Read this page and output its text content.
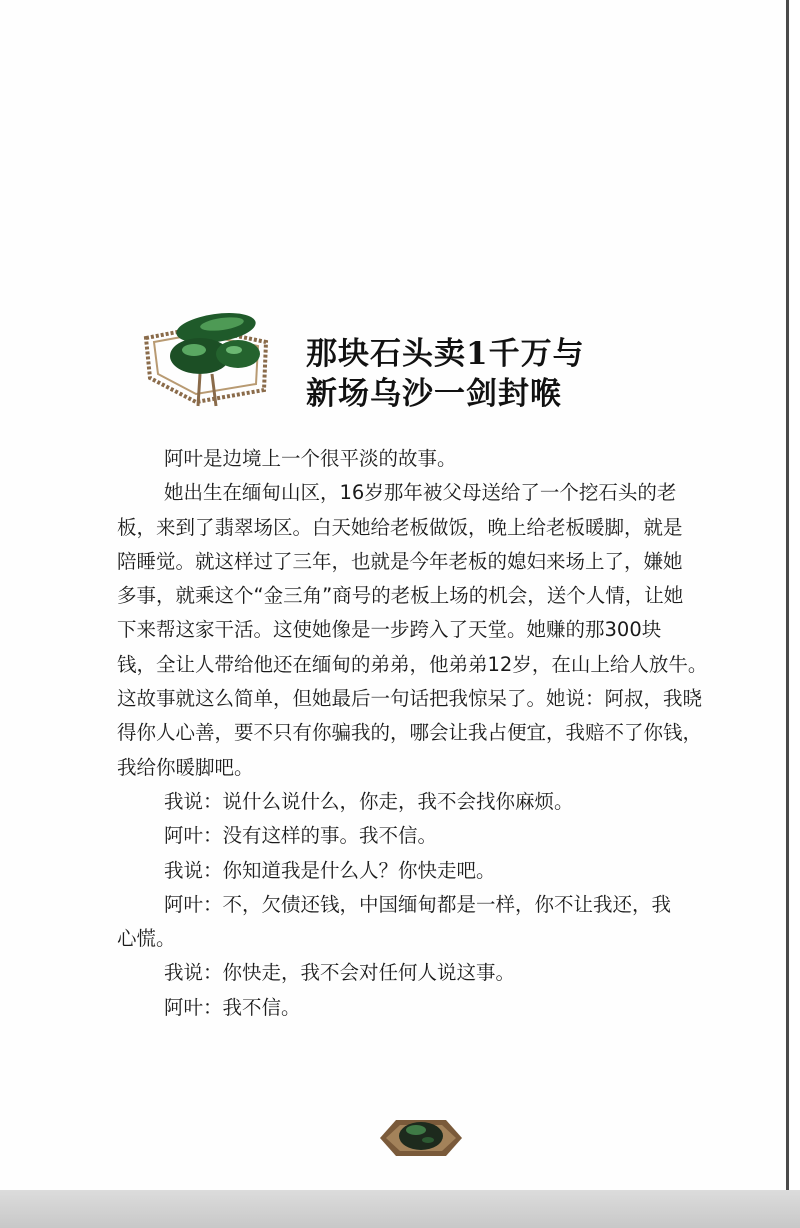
那块石头卖1千万与
新场乌沙一剑封喉
阿叶是边境上一个很平淡的故事。
她出生在缅甸山区，16岁那年被父母送给了一个挖石头的老
板，来到了翡翠场区。白天她给老板做饭，晚上给老板暖脚，就是
陪睡觉。就这样过了三年，也就是今年老板的媳妇来场上了，嫌她
多事，就乘这个“金三角”商号的老板上场的机会，送个人情，让她
下来帮这家干活。这使她像是一步跨入了天堂。她赚的那300块
钱，全让人带给他还在缅甸的弟弟，他弟弟12岁，在山上给人放牛。
这故事就这么简单，但她最后一句话把我惊呆了。她说：阿叔，我晓
得你人心善，要不只有你骗我的，哪会让我占便宜，我赔不了你钱，
我给你暖脚吧。
我说：说什么说什么，你走，我不会找你麻烦。
阿叶：没有这样的事。我不信。
我说：你知道我是什么人？你快走吧。
阿叶：不，欠债还钱，中国缅甸都是一样，你不让我还，我
心慌。
我说：你快走，我不会对任何人说这事。
阿叶：我不信。
